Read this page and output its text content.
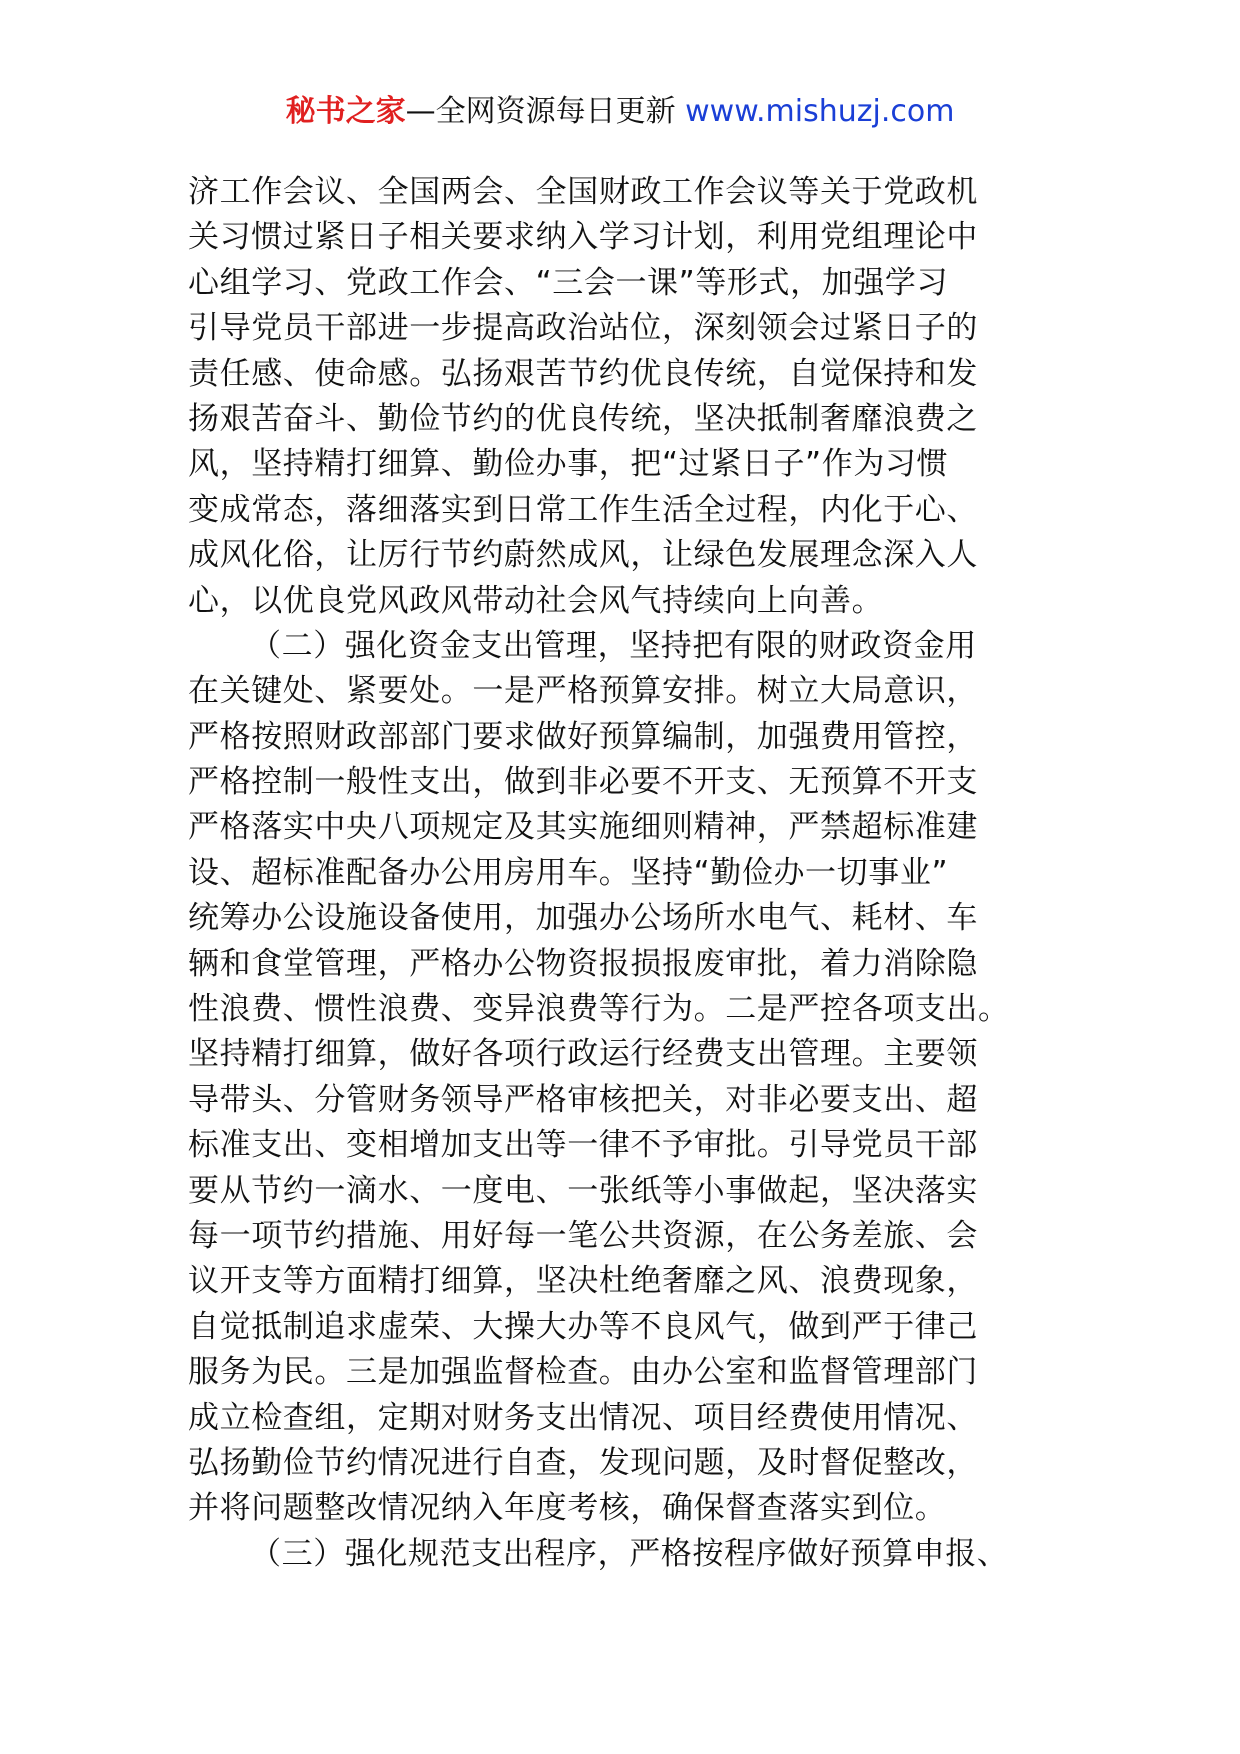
秘书之家—全网资源每日更新 www.mishuzj.com
济工作会议、全国两会、全国财政工作会议等关于党政机
关习惯过紧日子相关要求纳入学习计划，利用党组理论中
心组学习、党政工作会、“三会一课”等形式，加强学习
引导党员干部进一步提高政治站位，深刻领会过紧日子的
责任感、使命感。弘扬艰苦节约优良传统，自觉保持和发
扬艰苦奋斗、勤俭节约的优良传统，坚决抵制奢靡浪费之
风，坚持精打细算、勤俭办事，把“过紧日子”作为习惯
变成常态，落细落实到日常工作生活全过程，内化于心、
成风化俗，让厉行节约蔚然成风，让绿色发展理念深入人
心，以优良党风政风带动社会风气持续向上向善。
（二）强化资金支出管理，坚持把有限的财政资金用
在关键处、紧要处。一是严格预算安排。树立大局意识，
严格按照财政部部门要求做好预算编制，加强费用管控，
严格控制一般性支出，做到非必要不开支、无预算不开支
严格落实中央八项规定及其实施细则精神，严禁超标准建
设、超标准配备办公用房用车。坚持“勤俭办一切事业”
统筹办公设施设备使用，加强办公场所水电气、耗材、车
辆和食堂管理，严格办公物资报损报废审批，着力消除隐
性浪费、惯性浪费、变异浪费等行为。二是严控各项支出。
坚持精打细算，做好各项行政运行经费支出管理。主要领
导带头、分管财务领导严格审核把关，对非必要支出、超
标准支出、变相增加支出等一律不予审批。引导党员干部
要从节约一滴水、一度电、一张纸等小事做起，坚决落实
每一项节约措施、用好每一笔公共资源，在公务差旅、会
议开支等方面精打细算，坚决杜绝奢靡之风、浪费现象，
自觉抵制追求虚荣、大操大办等不良风气，做到严于律己
服务为民。三是加强监督检查。由办公室和监督管理部门
成立检查组，定期对财务支出情况、项目经费使用情况、
弘扬勤俭节约情况进行自查，发现问题，及时督促整改，
并将问题整改情况纳入年度考核，确保督查落实到位。
（三）强化规范支出程序，严格按程序做好预算申报、
